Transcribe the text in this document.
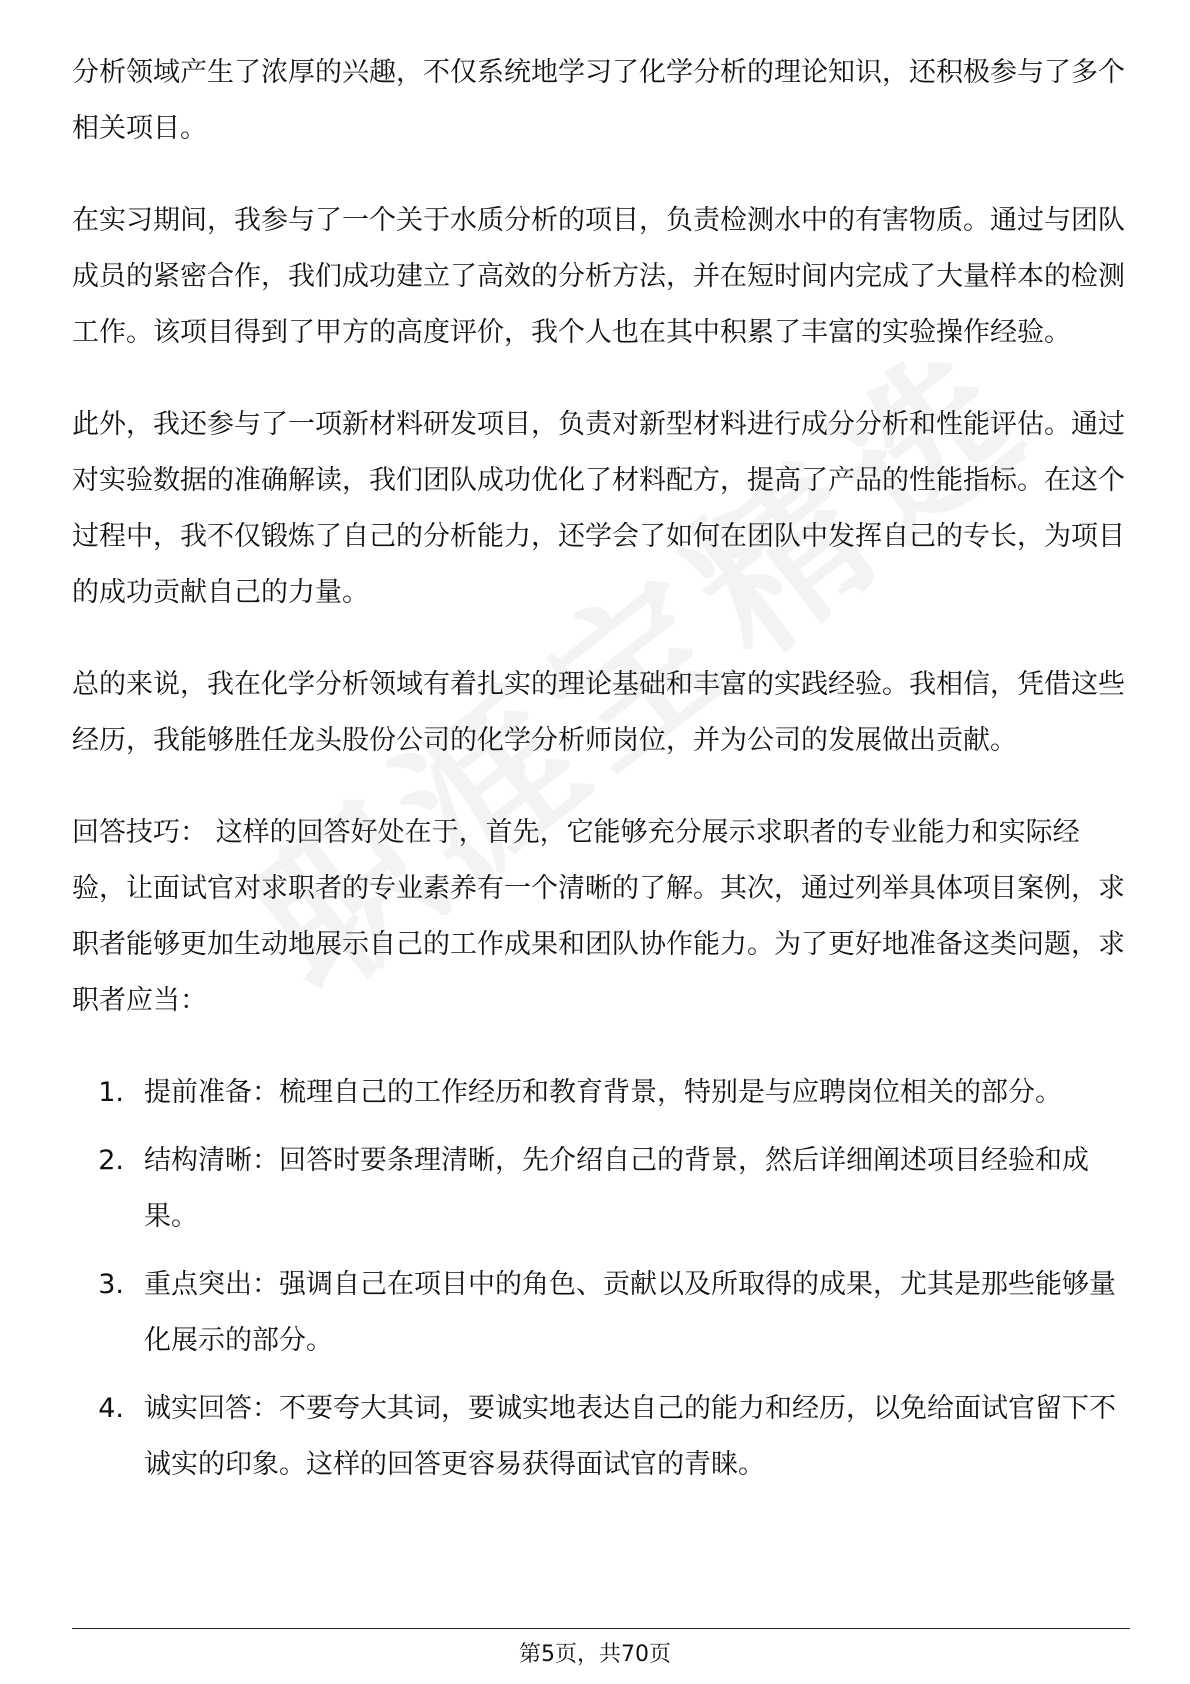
分析领域产生了浓厚的兴趣，不仅系统地学习了化学分析的理论知识，还积极参与了多个相关项目。

在实习期间，我参与了一个关于水质分析的项目，负责检测水中的有害物质。通过与团队成员的紧密合作，我们成功建立了高效的分析方法，并在短时间内完成了大量样本的检测工作。该项目得到了甲方的高度评价，我个人也在其中积累了丰富的实验操作经验。

此外，我还参与了一项新材料研发项目，负责对新型材料进行成分分析和性能评估。通过对实验数据的准确解读，我们团队成功优化了材料配方，提高了产品的性能指标。在这个过程中，我不仅锻炼了自己的分析能力，还学会了如何在团队中发挥自己的专长，为项目的成功贡献自己的力量。

总的来说，我在化学分析领域有着扎实的理论基础和丰富的实践经验。我相信，凭借这些经历，我能够胜任龙头股份公司的化学分析师岗位，并为公司的发展做出贡献。

回答技巧： 这样的回答好处在于，首先，它能够充分展示求职者的专业能力和实际经验，让面试官对求职者的专业素养有一个清晰的了解。其次，通过列举具体项目案例，求职者能够更加生动地展示自己的工作成果和团队协作能力。为了更好地准备这类问题，求职者应当：

1. 提前准备：梳理自己的工作经历和教育背景，特别是与应聘岗位相关的部分。
2. 结构清晰：回答时要条理清晰，先介绍自己的背景，然后详细阐述项目经验和成果。
3. 重点突出：强调自己在项目中的角色、贡献以及所取得的成果，尤其是那些能够量化展示的部分。
4. 诚实回答：不要夸大其词，要诚实地表达自己的能力和经历，以免给面试官留下不诚实的印象。这样的回答更容易获得面试官的青睐。
第5页，共70页
